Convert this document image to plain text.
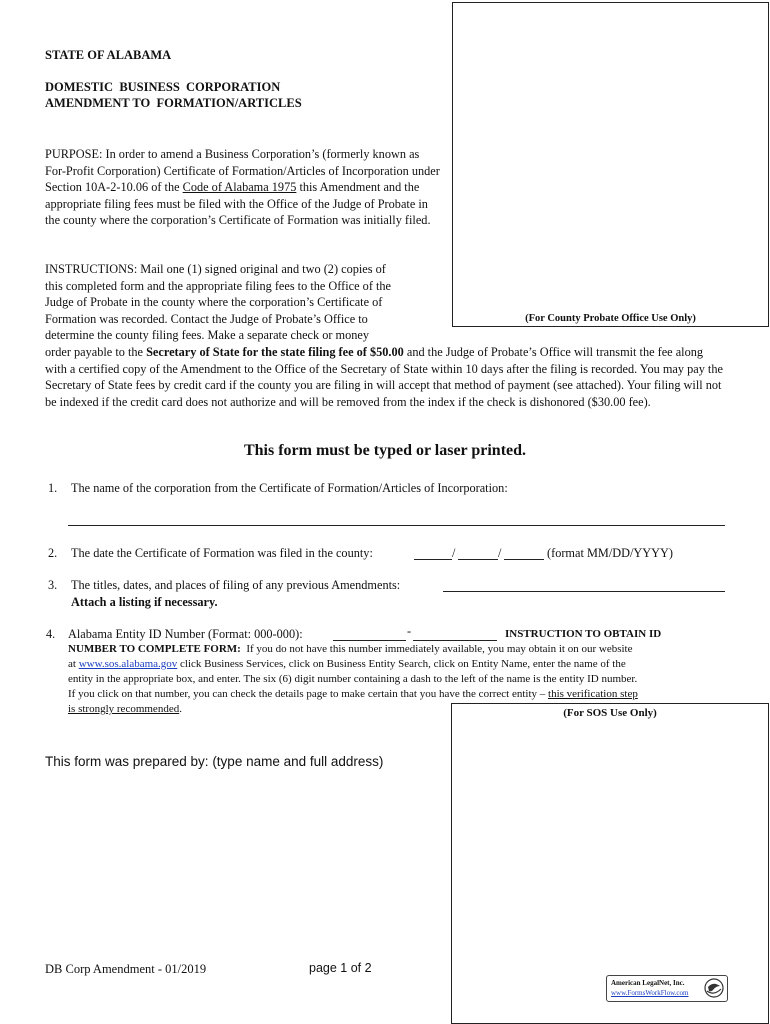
(For County Probate Office Use Only)
STATE OF ALABAMA
DOMESTIC  BUSINESS  CORPORATION
AMENDMENT TO  FORMATION/ARTICLES
PURPOSE: In order to amend a Business Corporation’s (formerly known as For-Profit Corporation) Certificate of Formation/Articles of Incorporation under Section 10A-2-10.06 of the Code of Alabama 1975 this Amendment and the appropriate filing fees must be filed with the Office of the Judge of Probate in the county where the corporation’s Certificate of Formation was initially filed.
INSTRUCTIONS: Mail one (1) signed original and two (2) copies of
this completed form and the appropriate filing fees to the Office of the
Judge of Probate in the county where the corporation’s Certificate of
Formation was recorded. Contact the Judge of Probate’s Office to
determine the county filing fees. Make a separate check or money
order payable to the Secretary of State for the state filing fee of $50.00 and the Judge of Probate’s Office will transmit the fee along with a certified copy of the Amendment to the Office of the Secretary of State within 10 days after the filing is recorded. You may pay the Secretary of State fees by credit card if the county you are filing in will accept that method of payment (see attached). Your filing will not be indexed if the credit card does not authorize and will be removed from the index if the check is dishonored ($30.00 fee).
This form must be typed or laser printed.
1. The name of the corporation from the Certificate of Formation/Articles of Incorporation:
2. The date the Certificate of Formation was filed in the county:	/	/	(format MM/DD/YYYY)
3. The titles, dates, and places of filing of any previous Amendments:
Attach a listing if necessary.
4. Alabama Entity ID Number (Format: 000-000):	-	INSTRUCTION TO OBTAIN ID
NUMBER TO COMPLETE FORM:  If you do not have this number immediately available, you may obtain it on our website
at www.sos.alabama.gov click Business Services, click on Business Entity Search, click on Entity Name, enter the name of the
entity in the appropriate box, and enter. The six (6) digit number containing a dash to the left of the name is the entity ID number.
If you click on that number, you can check the details page to make certain that you have the correct entity – this verification step
is strongly recommended.	(For SOS Use Only)
This form was prepared by: (type name and full address)
DB Corp Amendment - 01/2019	page 1 of 2
American LegalNet, Inc.
www.FormsWorkFlow.com
